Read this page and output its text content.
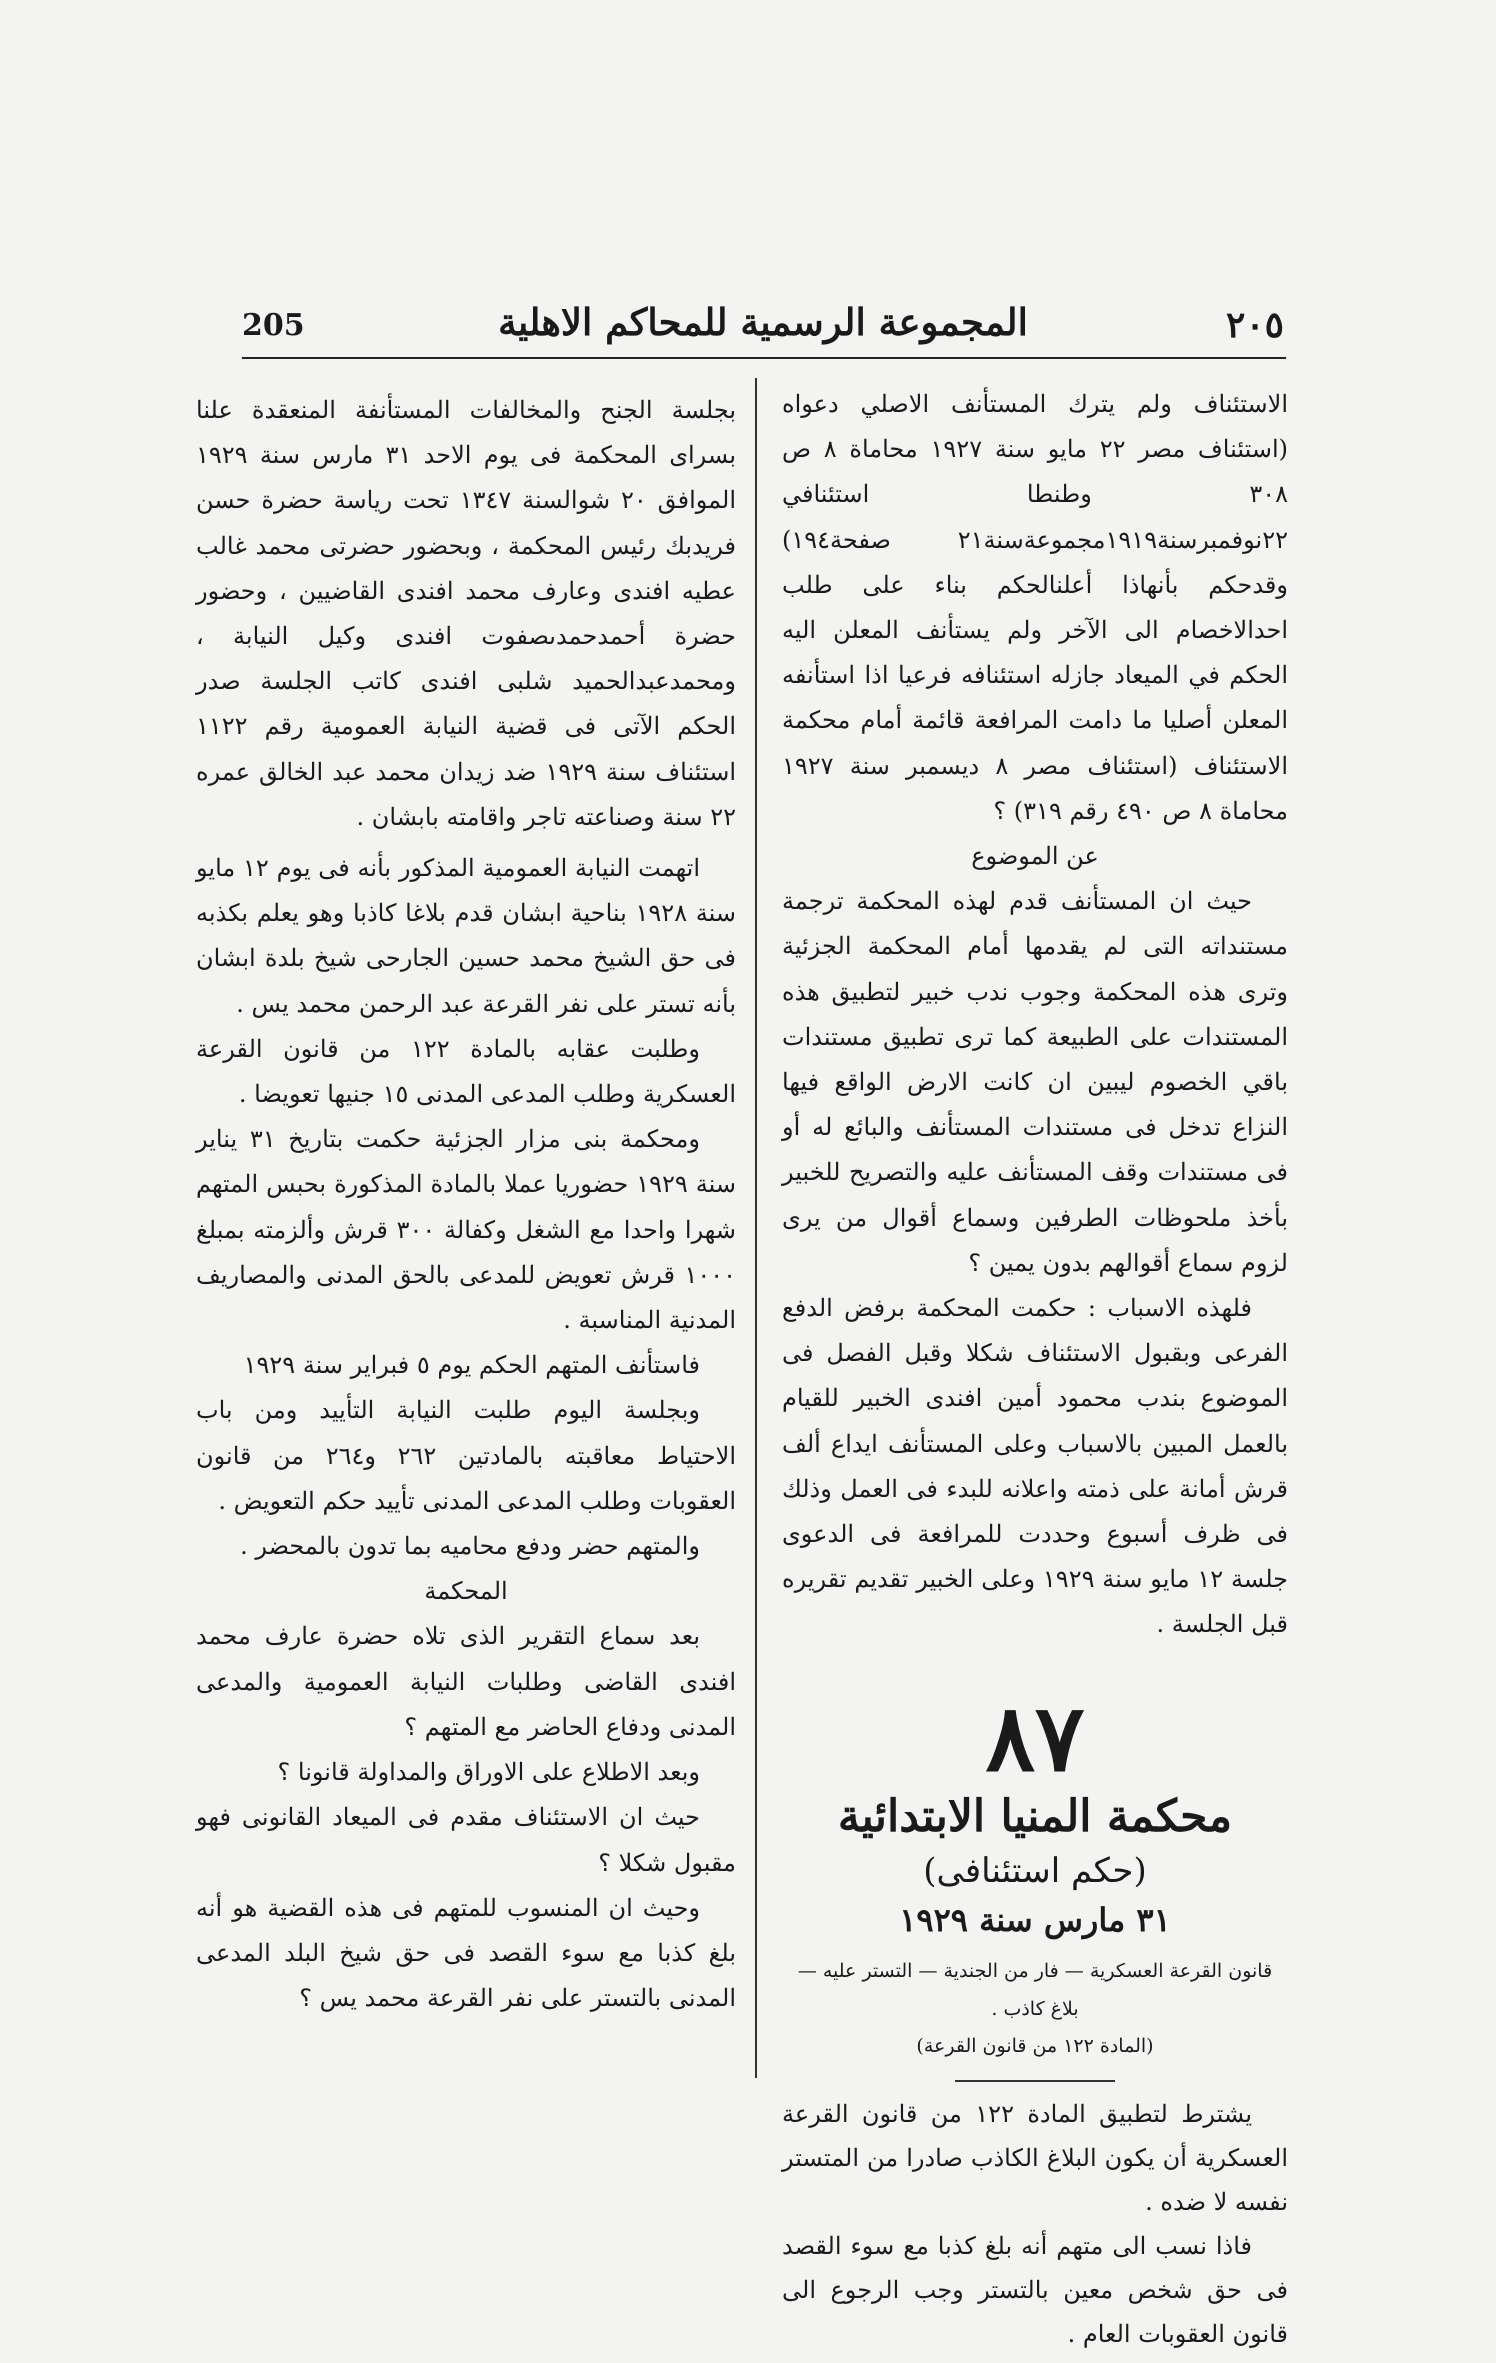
٢٠٥
المجموعة الرسمية للمحاكم الاهلية
205

الاستئناف ولم يترك المستأنف الاصلي دعواه (استئناف مصر ٢٢ مايو سنة ١٩٢٧ محاماة ٨ ص ٣٠٨ وطنطا استئنافي ٢٢نوفمبرسنة١٩١٩مجموعةسنة٢١ صفحة١٩٤) وقدحكم بأنهاذا أعلنالحكم بناء على طلب احدالاخصام الى الآخر ولم يستأنف المعلن اليه الحكم في الميعاد جازله استئنافه فرعيا اذا استأنفه المعلن أصليا ما دامت المرافعة قائمة أمام محكمة الاستئناف (استئناف مصر ٨ ديسمبر سنة ١٩٢٧ محاماة ٨ ص ٤٩٠ رقم ٣١٩) ؟

عن الموضوع

حيث ان المستأنف قدم لهذه المحكمة ترجمة مستنداته التى لم يقدمها أمام المحكمة الجزئية وترى هذه المحكمة وجوب ندب خبير لتطبيق هذه المستندات على الطبيعة كما ترى تطبيق مستندات باقي الخصوم ليبين ان كانت الارض الواقع فيها النزاع تدخل فى مستندات المستأنف والبائع له أو فى مستندات وقف المستأنف عليه والتصريح للخبير بأخذ ملحوظات الطرفين وسماع أقوال من يرى لزوم سماع أقوالهم بدون يمين ؟

فلهذه الاسباب : حكمت المحكمة برفض الدفع الفرعى وبقبول الاستئناف شكلا وقبل الفصل فى الموضوع بندب محمود أمين افندى الخبير للقيام بالعمل المبين بالاسباب وعلى المستأنف ايداع ألف قرش أمانة على ذمته واعلانه للبدء فى العمل وذلك فى ظرف أسبوع وحددت للمرافعة فى الدعوى جلسة ١٢ مايو سنة ١٩٢٩ وعلى الخبير تقديم تقريره قبل الجلسة .

٨٧

محكمة المنيا الابتدائية

(حكم استئنافى)

٣١ مارس سنة ١٩٢٩

قانون القرعة العسكرية — فار من الجندية — التستر عليه — بلاغ كاذب .

(المادة ١٢٢ من قانون القرعة)

يشترط لتطبيق المادة ١٢٢ من قانون القرعة العسكرية أن يكون البلاغ الكاذب صادرا من المتستر نفسه لا ضده .

فاذا نسب الى متهم أنه بلغ كذبا مع سوء القصد فى حق شخص معين بالتستر وجب الرجوع الى قانون العقوبات العام .

بجلسة الجنح والمخالفات المستأنفة المنعقدة علنا بسراى المحكمة فى يوم الاحد ٣١ مارس سنة ١٩٢٩ الموافق ٢٠ شوالسنة ١٣٤٧ تحت رياسة حضرة حسن فريدبك رئيس المحكمة ، وبحضور حضرتى محمد غالب عطيه افندى وعارف محمد افندى القاضيين ، وحضور حضرة أحمدحمدىصفوت افندى وكيل النيابة ، ومحمدعبدالحميد شلبى افندى كاتب الجلسة صدر الحكم الآتى فى قضية النيابة العمومية رقم ١١٢٢ استئناف سنة ١٩٢٩ ضد زيدان محمد عبد الخالق عمره ٢٢ سنة وصناعته تاجر واقامته بابشان .

اتهمت النيابة العمومية المذكور بأنه فى يوم ١٢ مايو سنة ١٩٢٨ بناحية ابشان قدم بلاغا كاذبا وهو يعلم بكذبه فى حق الشيخ محمد حسين الجارحى شيخ بلدة ابشان بأنه تستر على نفر القرعة عبد الرحمن محمد يس .

وطلبت عقابه بالمادة ١٢٢ من قانون القرعة العسكرية وطلب المدعى المدنى ١٥ جنيها تعويضا .

ومحكمة بنى مزار الجزئية حكمت بتاريخ ٣١ يناير سنة ١٩٢٩ حضوريا عملا بالمادة المذكورة بحبس المتهم شهرا واحدا مع الشغل وكفالة ٣٠٠ قرش وألزمته بمبلغ ١٠٠٠ قرش تعويض للمدعى بالحق المدنى والمصاريف المدنية المناسبة .

فاستأنف المتهم الحكم يوم ٥ فبراير سنة ١٩٢٩

وبجلسة اليوم طلبت النيابة التأييد ومن باب الاحتياط معاقبته بالمادتين ٢٦٢ و٢٦٤ من قانون العقوبات وطلب المدعى المدنى تأييد حكم التعويض .

والمتهم حضر ودفع محاميه بما تدون بالمحضر .

المحكمة

بعد سماع التقرير الذى تلاه حضرة عارف محمد افندى القاضى وطلبات النيابة العمومية والمدعى المدنى ودفاع الحاضر مع المتهم ؟

وبعد الاطلاع على الاوراق والمداولة قانونا ؟

حيث ان الاستئناف مقدم فى الميعاد القانونى فهو مقبول شكلا ؟

وحيث ان المنسوب للمتهم فى هذه القضية هو أنه بلغ كذبا مع سوء القصد فى حق شيخ البلد المدعى المدنى بالتستر على نفر القرعة محمد يس ؟
